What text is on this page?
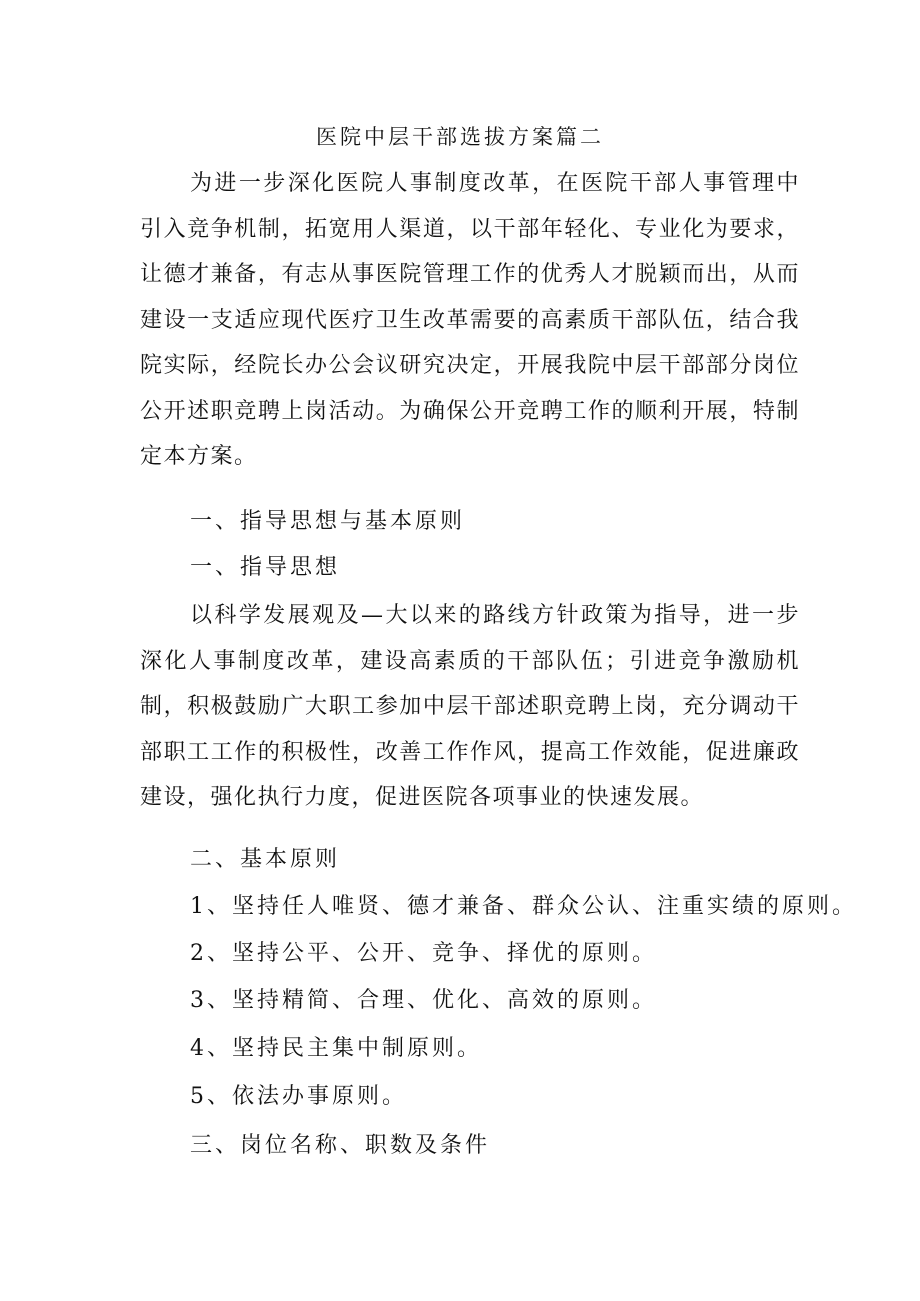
医院中层干部选拔方案篇二

为进一步深化医院人事制度改革，在医院干部人事管理中引入竞争机制，拓宽用人渠道，以干部年轻化、专业化为要求，让德才兼备，有志从事医院管理工作的优秀人才脱颖而出，从而建设一支适应现代医疗卫生改革需要的高素质干部队伍，结合我院实际，经院长办公会议研究决定，开展我院中层干部部分岗位公开述职竞聘上岗活动。为确保公开竞聘工作的顺利开展，特制定本方案。

一、指导思想与基本原则
一、指导思想

以科学发展观及—大以来的路线方针政策为指导，进一步深化人事制度改革，建设高素质的干部队伍；引进竞争激励机制，积极鼓励广大职工参加中层干部述职竞聘上岗，充分调动干部职工工作的积极性，改善工作作风，提高工作效能，促进廉政建设，强化执行力度，促进医院各项事业的快速发展。

二、基本原则
1、坚持任人唯贤、德才兼备、群众公认、注重实绩的原则。
2、坚持公平、公开、竞争、择优的原则。
3、坚持精简、合理、优化、高效的原则。
4、坚持民主集中制原则。
5、依法办事原则。
三、岗位名称、职数及条件
